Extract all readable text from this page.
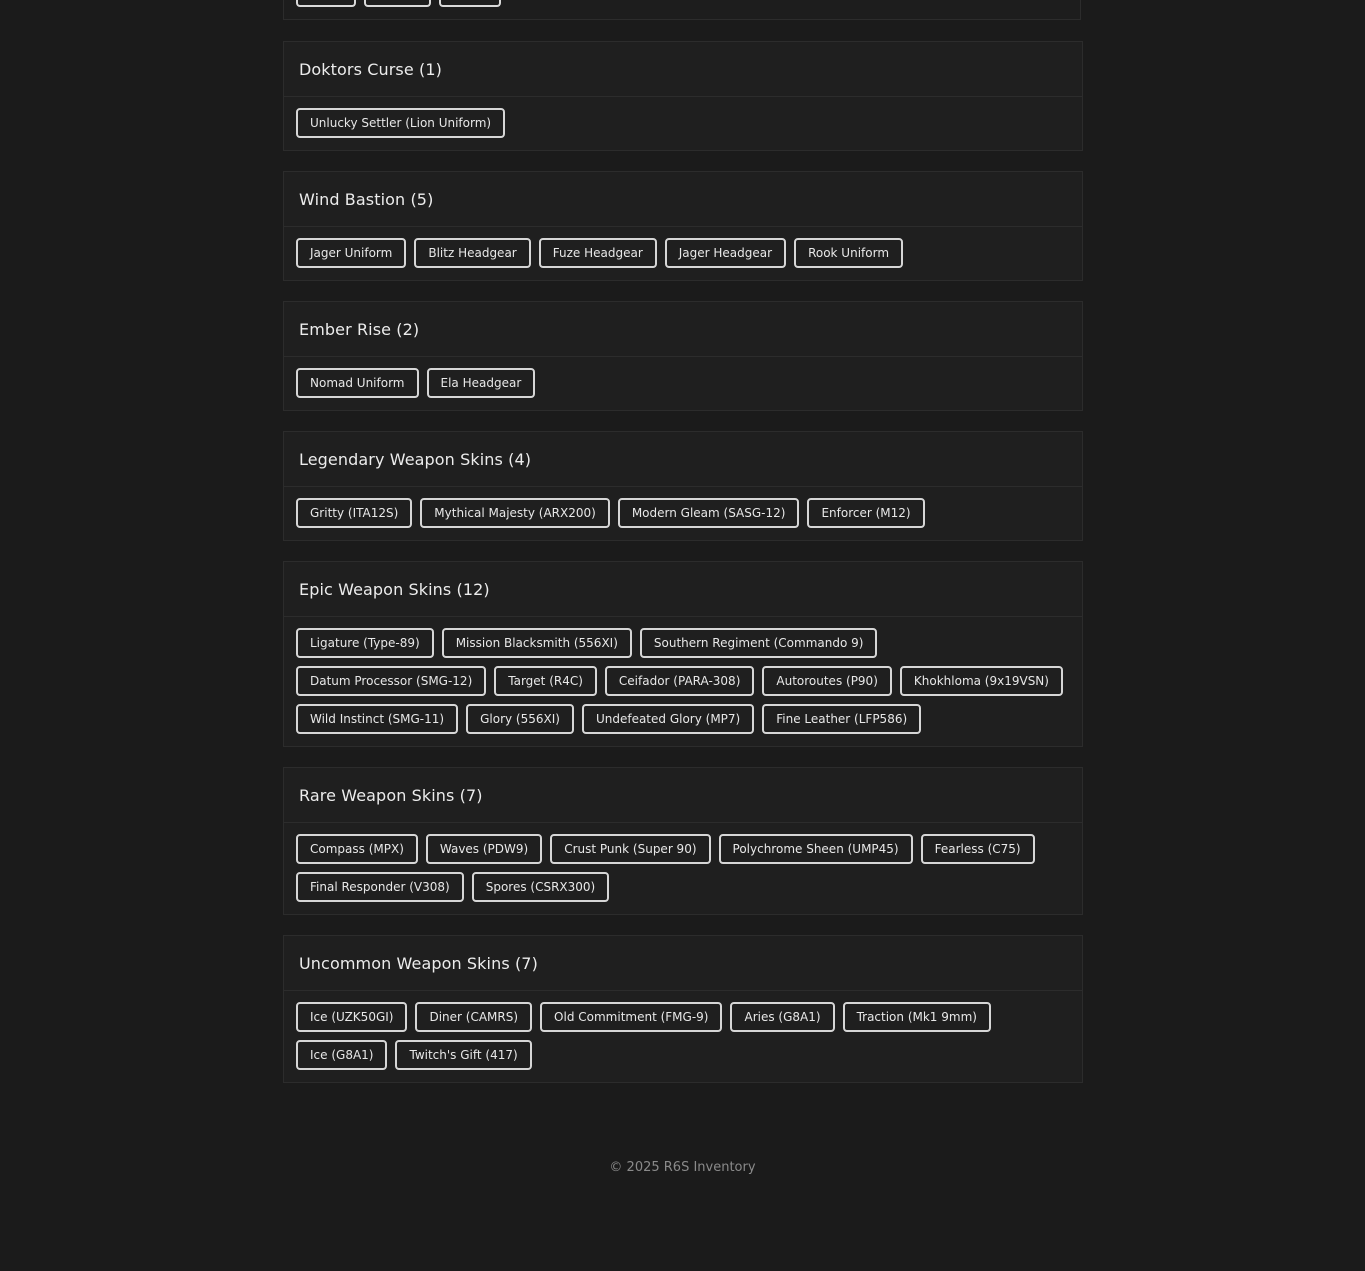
Doktors Curse (1)
Unlucky Settler (Lion Uniform)
Wind Bastion (5)
Jager Uniform	Blitz Headgear	Fuze Headgear	Jager Headgear	Rook Uniform
Ember Rise (2)
Nomad Uniform	Ela Headgear
Legendary Weapon Skins (4)
Gritty (ITA12S)	Mythical Majesty (ARX200)	Modern Gleam (SASG-12)	Enforcer (M12)
Epic Weapon Skins (12)
Ligature (Type-89)	Mission Blacksmith (556XI)	Southern Regiment (Commando 9)
Datum Processor (SMG-12)	Target (R4C)	Ceifador (PARA-308)	Autoroutes (P90)	Khokhloma (9x19VSN)
Wild Instinct (SMG-11)	Glory (556XI)	Undefeated Glory (MP7)	Fine Leather (LFP586)
Rare Weapon Skins (7)
Compass (MPX)	Waves (PDW9)	Crust Punk (Super 90)	Polychrome Sheen (UMP45)	Fearless (C75)
Final Responder (V308)	Spores (CSRX300)
Uncommon Weapon Skins (7)
Ice (UZK50GI)	Diner (CAMRS)	Old Commitment (FMG-9)	Aries (G8A1)	Traction (Mk1 9mm)
Ice (G8A1)	Twitch's Gift (417)
© 2025 R6S Inventory
